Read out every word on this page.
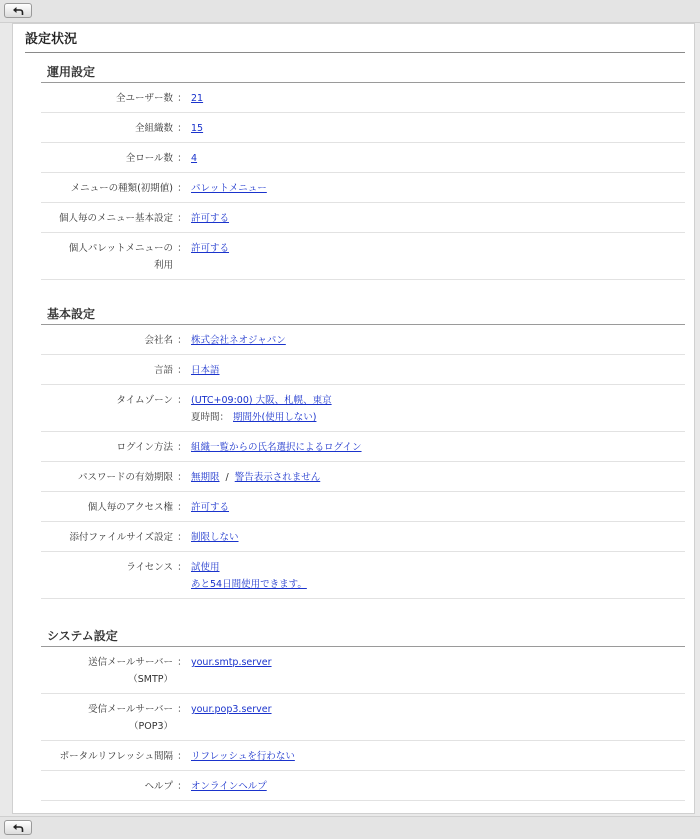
設定状況
運用設定
全ユーザー数 ： 21
全組織数 ： 15
全ロール数 ： 4
メニューの種類(初期値) ： パレットメニュー
個人毎のメニュー基本設定 ： 許可する
個人パレットメニューの
利用
： 許可する
基本設定
会社名 ： 株式会社ネオジャパン
言語 ： 日本語
タイムゾーン ： (UTC+09:00) 大阪、札幌、東京
夏時間： 期間外(使用しない)
ログイン方法 ： 組織一覧からの氏名選択によるログイン
パスワードの有効期限 ： 無期限 / 警告表示されません
個人毎のアクセス権 ： 許可する
添付ファイルサイズ設定 ： 制限しない
ライセンス ： 試使用
あと54日間使用できます。
システム設定
送信メールサーバー
（SMTP）
： your.smtp.server
受信メールサーバー
（POP3）
： your.pop3.server
ポータルリフレッシュ間隔 ： リフレッシュを行わない
ヘルプ ： オンラインヘルプ
